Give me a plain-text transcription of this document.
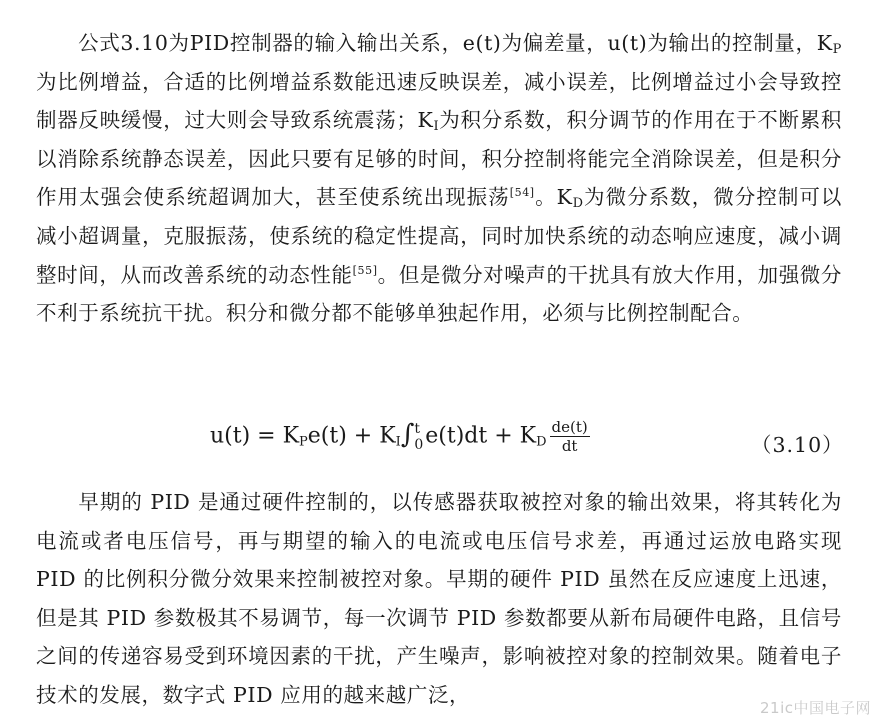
公式3.10为PID控制器的输入输出关系，e(t)为偏差量，u(t)为输出的控制量，$K_P$为比例增益，合适的比例增益系数能迅速反映误差，减小误差，比例增益过小会导致控制器反映缓慢，过大则会导致系统震荡；$K_I$为积分系数，积分调节的作用在于不断累积以消除系统静态误差，因此只要有足够的时间，积分控制将能完全消除误差，但是积分作用太强会使系统超调加大，甚至使系统出现振荡[54]。$K_D$为微分系数，微分控制可以减小超调量，克服振荡，使系统的稳定性提高，同时加快系统的动态响应速度，减小调整时间，从而改善系统的动态性能[55]。但是微分对噪声的干扰具有放大作用，加强微分不利于系统抗干扰。积分和微分都不能够单独起作用，必须与比例控制配合。

$u(t) = K_Pe(t) + K_I\int$ t
0 $e(t)dt + K_D \frac{de(t)}{dt}$	（3.10）

早期的 PID 是通过硬件控制的，以传感器获取被控对象的输出效果，将其转化为电流或者电压信号，再与期望的输入的电流或电压信号求差，再通过运放电路实现 PID 的比例积分微分效果来控制被控对象。早期的硬件 PID 虽然在反应速度上迅速，但是其 PID 参数极其不易调节，每一次调节 PID 参数都要从新布局硬件电路，且信号之间的传递容易受到环境因素的干扰，产生噪声，影响被控对象的控制效果。随着电子技术的发展，数字式 PID 应用的越来越广泛，

21ic中国电子网
